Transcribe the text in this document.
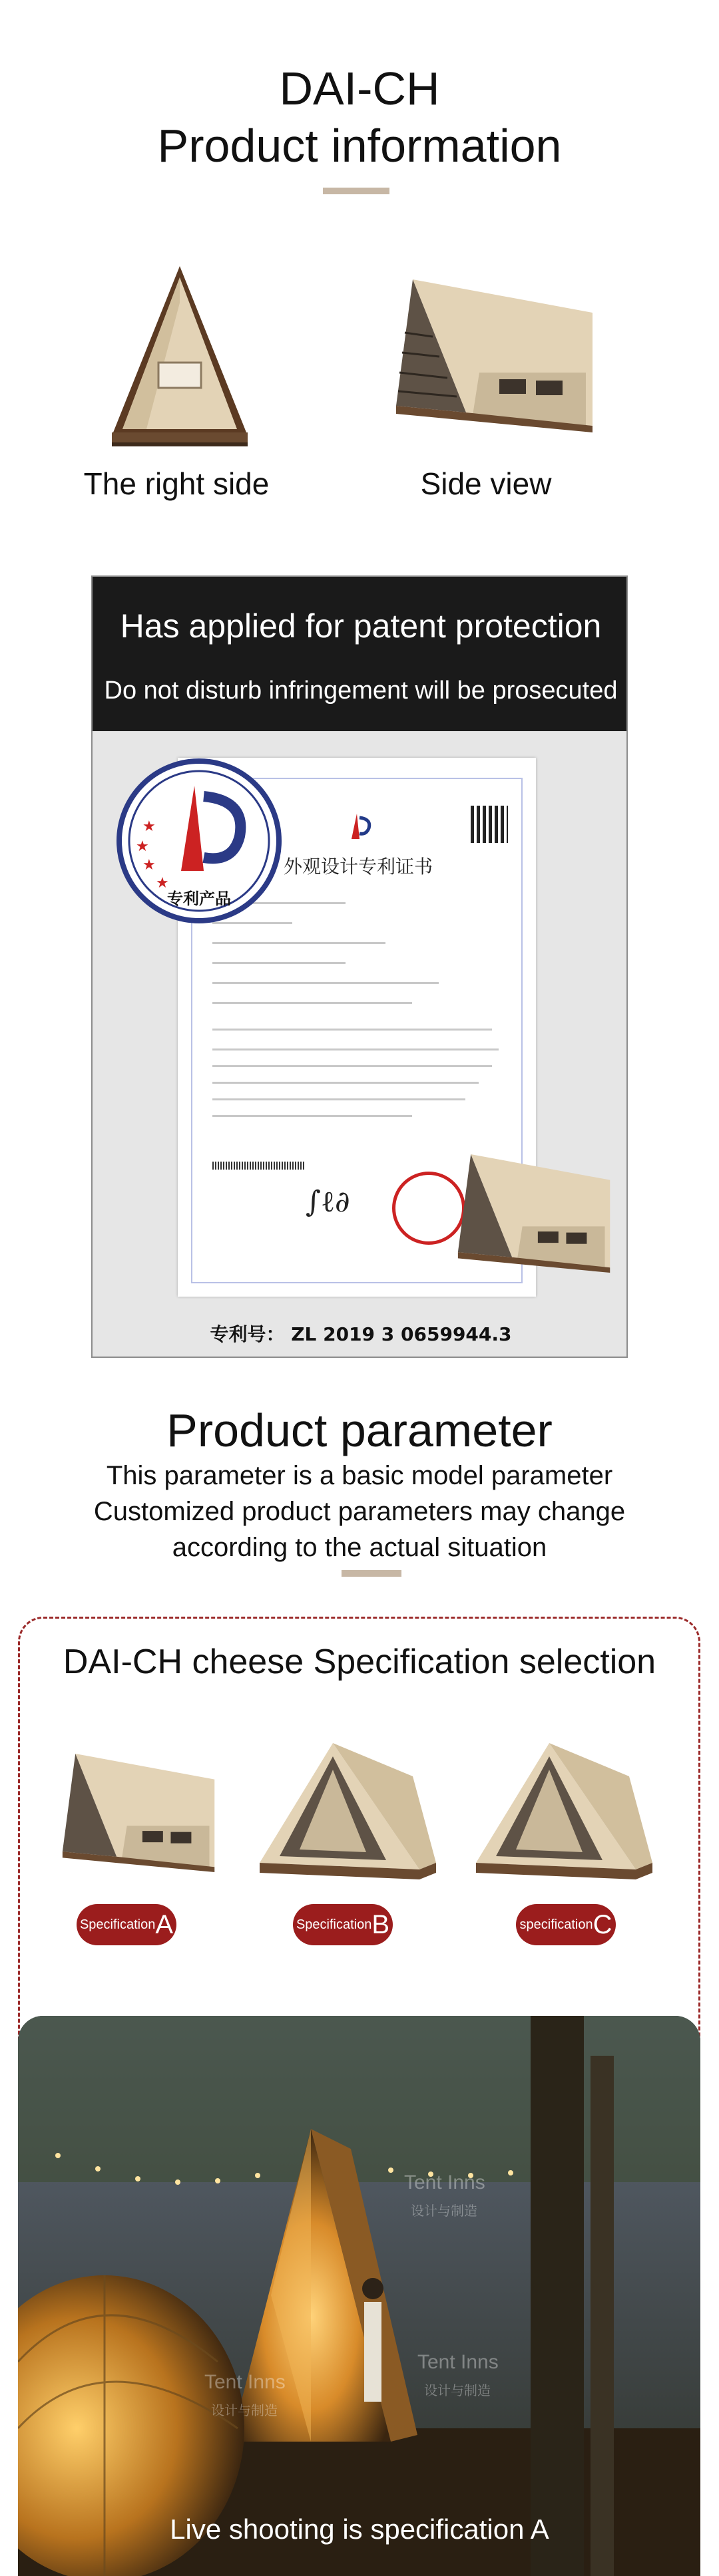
DAI-CH
Product information
The right side	Side view
Has applied for patent protection
Do not disturb infringement will be prosecuted
外观设计专利证书
∫ℓ∂
★
★
★
★
专利产品
专利号： ZL 2019 3 0659944.3
Product parameter
This parameter is a basic model parameter
Customized product parameters may change
according to the actual situation
DAI-CH cheese Specification selection
SpecificationA	SpecificationB	specificationC
Tent Inns
设计与制造
Tent Inns
设计与制造
Tent Inns
设计与制造
Live shooting is specification A
